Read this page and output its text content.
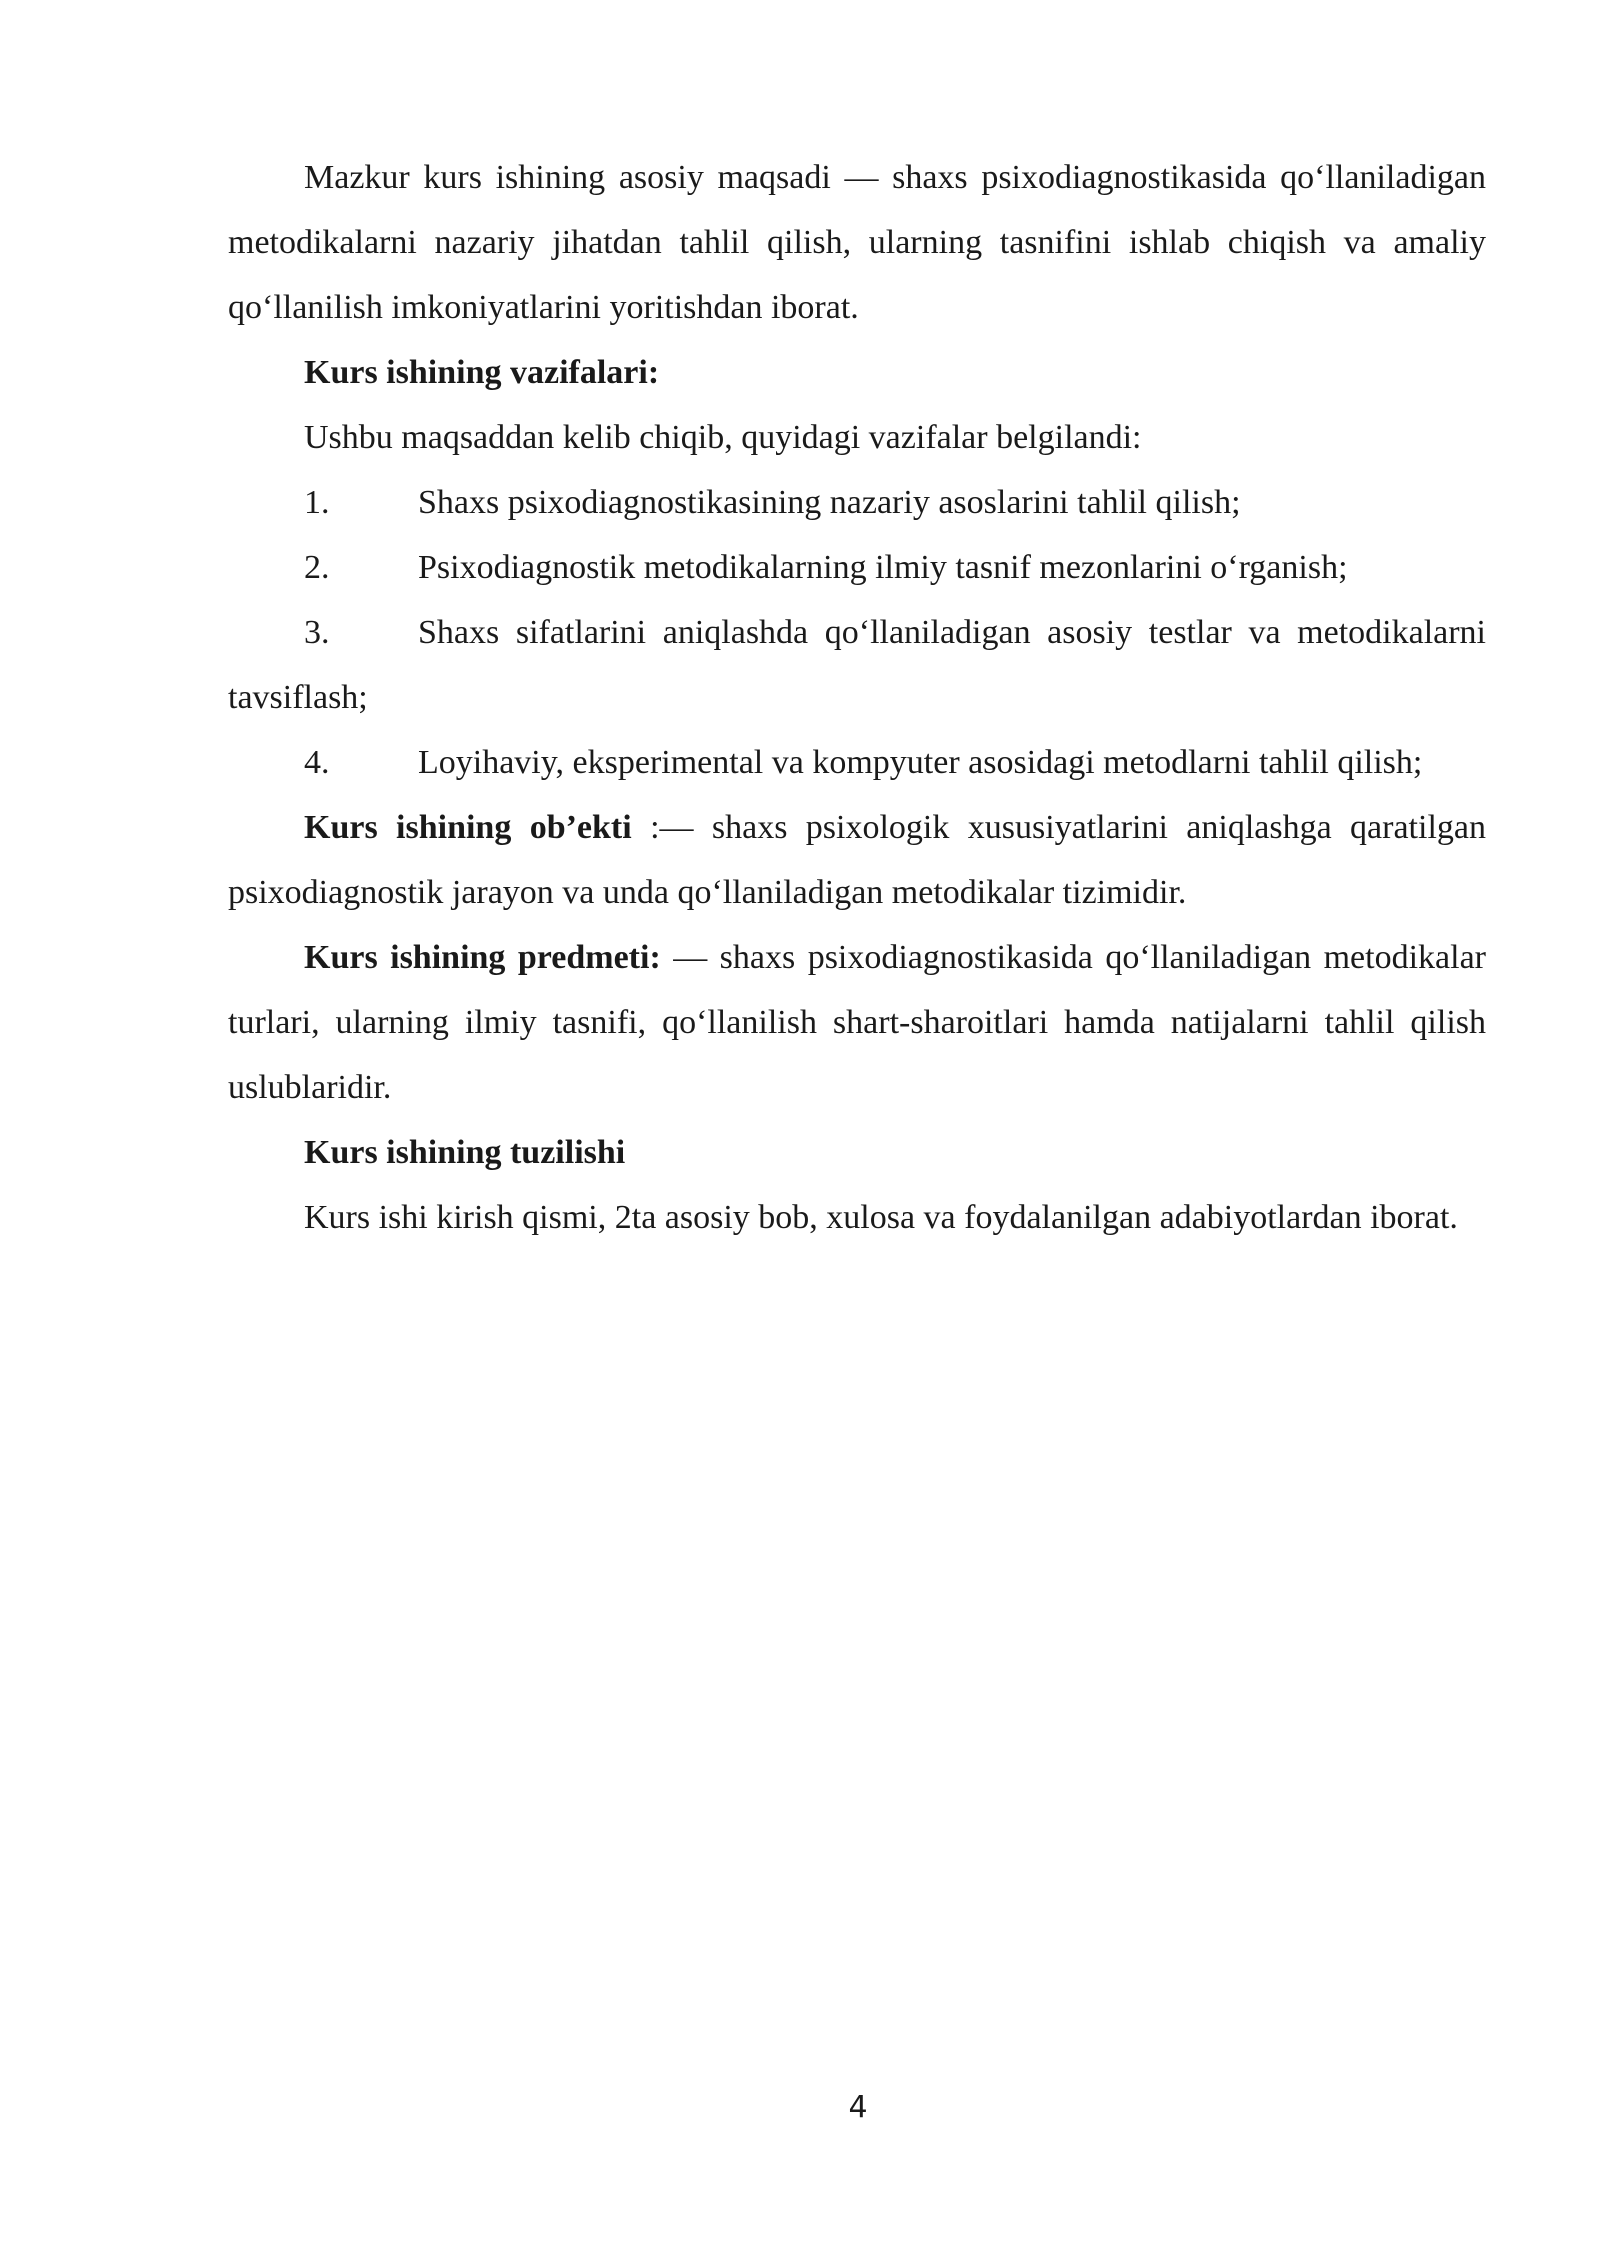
Mazkur kurs ishining asosiy maqsadi — shaxs psixodiagnostikasida qo‘llaniladigan metodikalarni nazariy jihatdan tahlil qilish, ularning tasnifini ishlab chiqish va amaliy qo‘llanilish imkoniyatlarini yoritishdan iborat.

Kurs ishining vazifalari:

Ushbu maqsaddan kelib chiqib, quyidagi vazifalar belgilandi:

1.	Shaxs psixodiagnostikasining nazariy asoslarini tahlil qilish;

2.	Psixodiagnostik metodikalarning ilmiy tasnif mezonlarini o‘rganish;

3.	Shaxs sifatlarini aniqlashda qo‘llaniladigan asosiy testlar va metodikalarni tavsiflash;

4.	Loyihaviy, eksperimental va kompyuter asosidagi metodlarni tahlil qilish;

Kurs ishining ob’ekti :— shaxs psixologik xususiyatlarini aniqlashga qaratilgan psixodiagnostik jarayon va unda qo‘llaniladigan metodikalar tizimidir.

Kurs ishining predmeti: — shaxs psixodiagnostikasida qo‘llaniladigan metodikalar turlari, ularning ilmiy tasnifi, qo‘llanilish shart-sharoitlari hamda natijalarni tahlil qilish uslublaridir.

Kurs ishining tuzilishi

Kurs ishi kirish qismi, 2ta asosiy bob, xulosa va foydalanilgan adabiyotlardan iborat.

4
